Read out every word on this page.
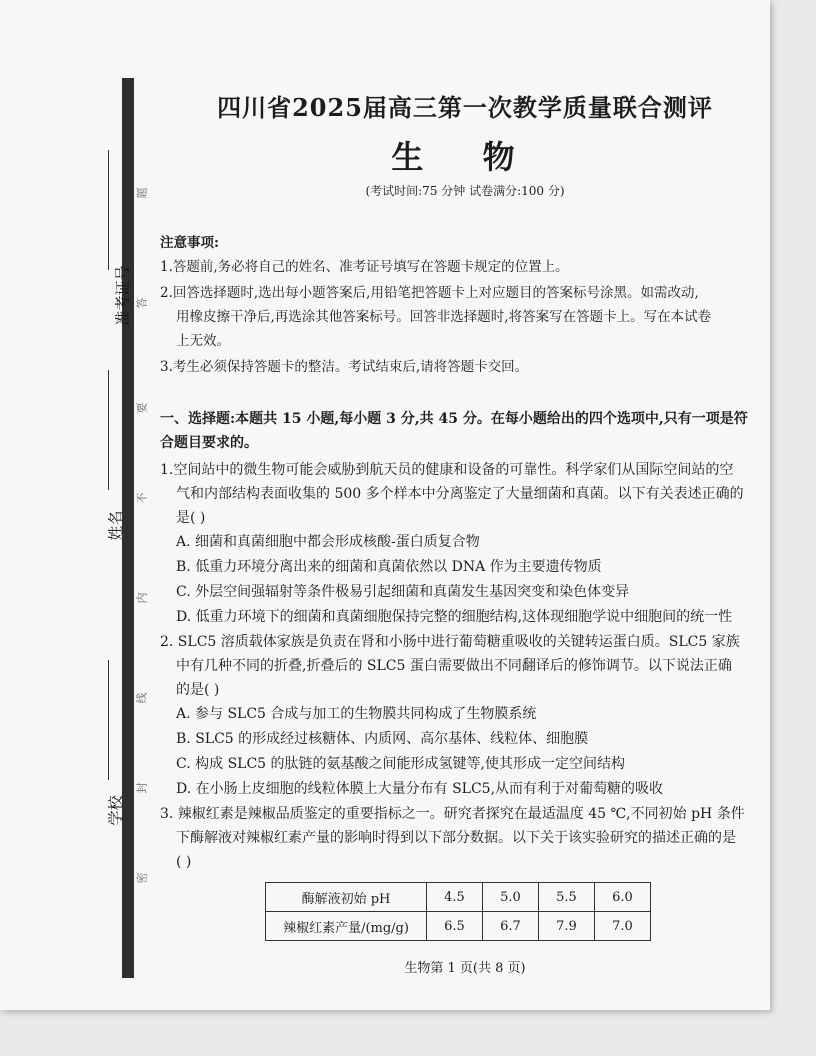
准考证号
姓名
学校
题
答
要
不
内
线
封
密
四川省2025届高三第一次教学质量联合测评
生 物
(考试时间:75 分钟 试卷满分:100 分)
注意事项:
1.答题前,务必将自己的姓名、准考证号填写在答题卡规定的位置上。
2.回答选择题时,选出每小题答案后,用铅笔把答题卡上对应题目的答案标号涂黑。如需改动,
用橡皮擦干净后,再选涂其他答案标号。回答非选择题时,将答案写在答题卡上。写在本试卷
上无效。
3.考生必须保持答题卡的整洁。考试结束后,请将答题卡交回。
一、选择题:本题共 15 小题,每小题 3 分,共 45 分。在每小题给出的四个选项中,只有一项是符
合题目要求的。
1.空间站中的微生物可能会威胁到航天员的健康和设备的可靠性。科学家们从国际空间站的空
气和内部结构表面收集的 500 多个样本中分离鉴定了大量细菌和真菌。以下有关表述正确的
是( )
A. 细菌和真菌细胞中都会形成核酸-蛋白质复合物
B. 低重力环境分离出来的细菌和真菌依然以 DNA 作为主要遗传物质
C. 外层空间强辐射等条件极易引起细菌和真菌发生基因突变和染色体变异
D. 低重力环境下的细菌和真菌细胞保持完整的细胞结构,这体现细胞学说中细胞间的统一性
2. SLC5 溶质载体家族是负责在肾和小肠中进行葡萄糖重吸收的关键转运蛋白质。SLC5 家族
中有几种不同的折叠,折叠后的 SLC5 蛋白需要做出不同翻译后的修饰调节。以下说法正确
的是( )
A. 参与 SLC5 合成与加工的生物膜共同构成了生物膜系统
B. SLC5 的形成经过核糖体、内质网、高尔基体、线粒体、细胞膜
C. 构成 SLC5 的肽链的氨基酸之间能形成氢键等,使其形成一定空间结构
D. 在小肠上皮细胞的线粒体膜上大量分布有 SLC5,从而有利于对葡萄糖的吸收
3. 辣椒红素是辣椒品质鉴定的重要指标之一。研究者探究在最适温度 45 ℃,不同初始 pH 条件
下酶解液对辣椒红素产量的影响时得到以下部分数据。以下关于该实验研究的描述正确的是
( )
酶解液初始 pH	4.5	5.0	5.5	6.0
辣椒红素产量/(mg/g)	6.5	6.7	7.9	7.0
生物第 1 页(共 8 页)
